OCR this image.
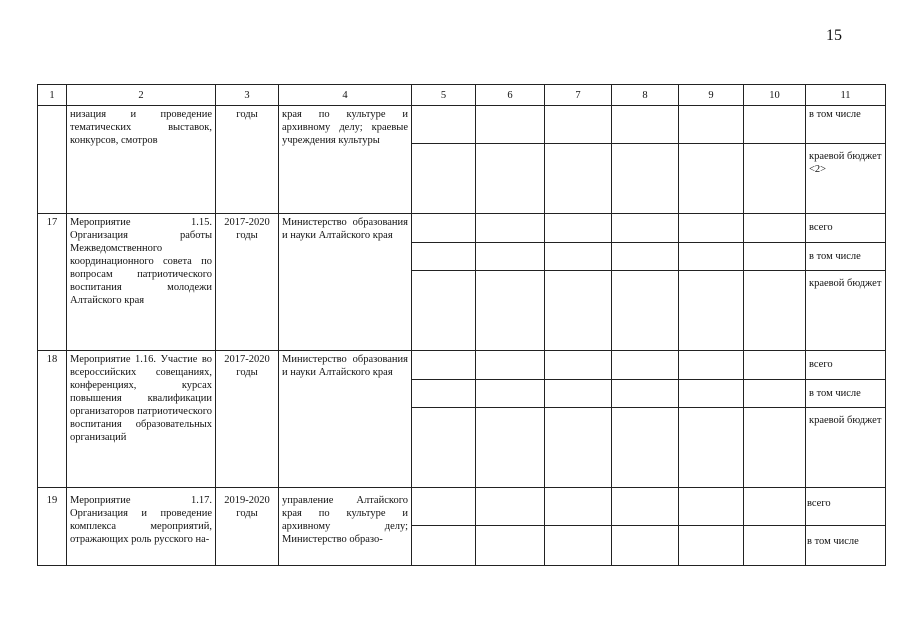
15
1	2	3	4	5	6	7	8	9	10	11
	низация и проведение тематических выставок, конкурсов, смотров	годы	края по культуре и архивному делу; краевые учреждения культуры							в том числе
										краевой бюджет <2>
17	Мероприятие 1.15. Организация работы Межведомственного координационного совета по вопросам патриотического воспитания молодежи Алтайского края	2017-2020 годы	Министерство образования и науки Алтайского края							всего
										в том числе
										краевой бюджет
18	Мероприятие 1.16. Участие во всероссийских совещаниях, конференциях, курсах повышения квалификации организаторов патриотического воспитания образовательных организаций	2017-2020 годы	Министерство образования и науки Алтайского края							всего
										в том числе
										краевой бюджет
19	Мероприятие 1.17. Организация и проведение комплекса мероприятий, отражающих роль русского на-	2019-2020 годы	управление Алтайского края по культуре и архивному делу; Министерство образо-							всего
										в том числе
